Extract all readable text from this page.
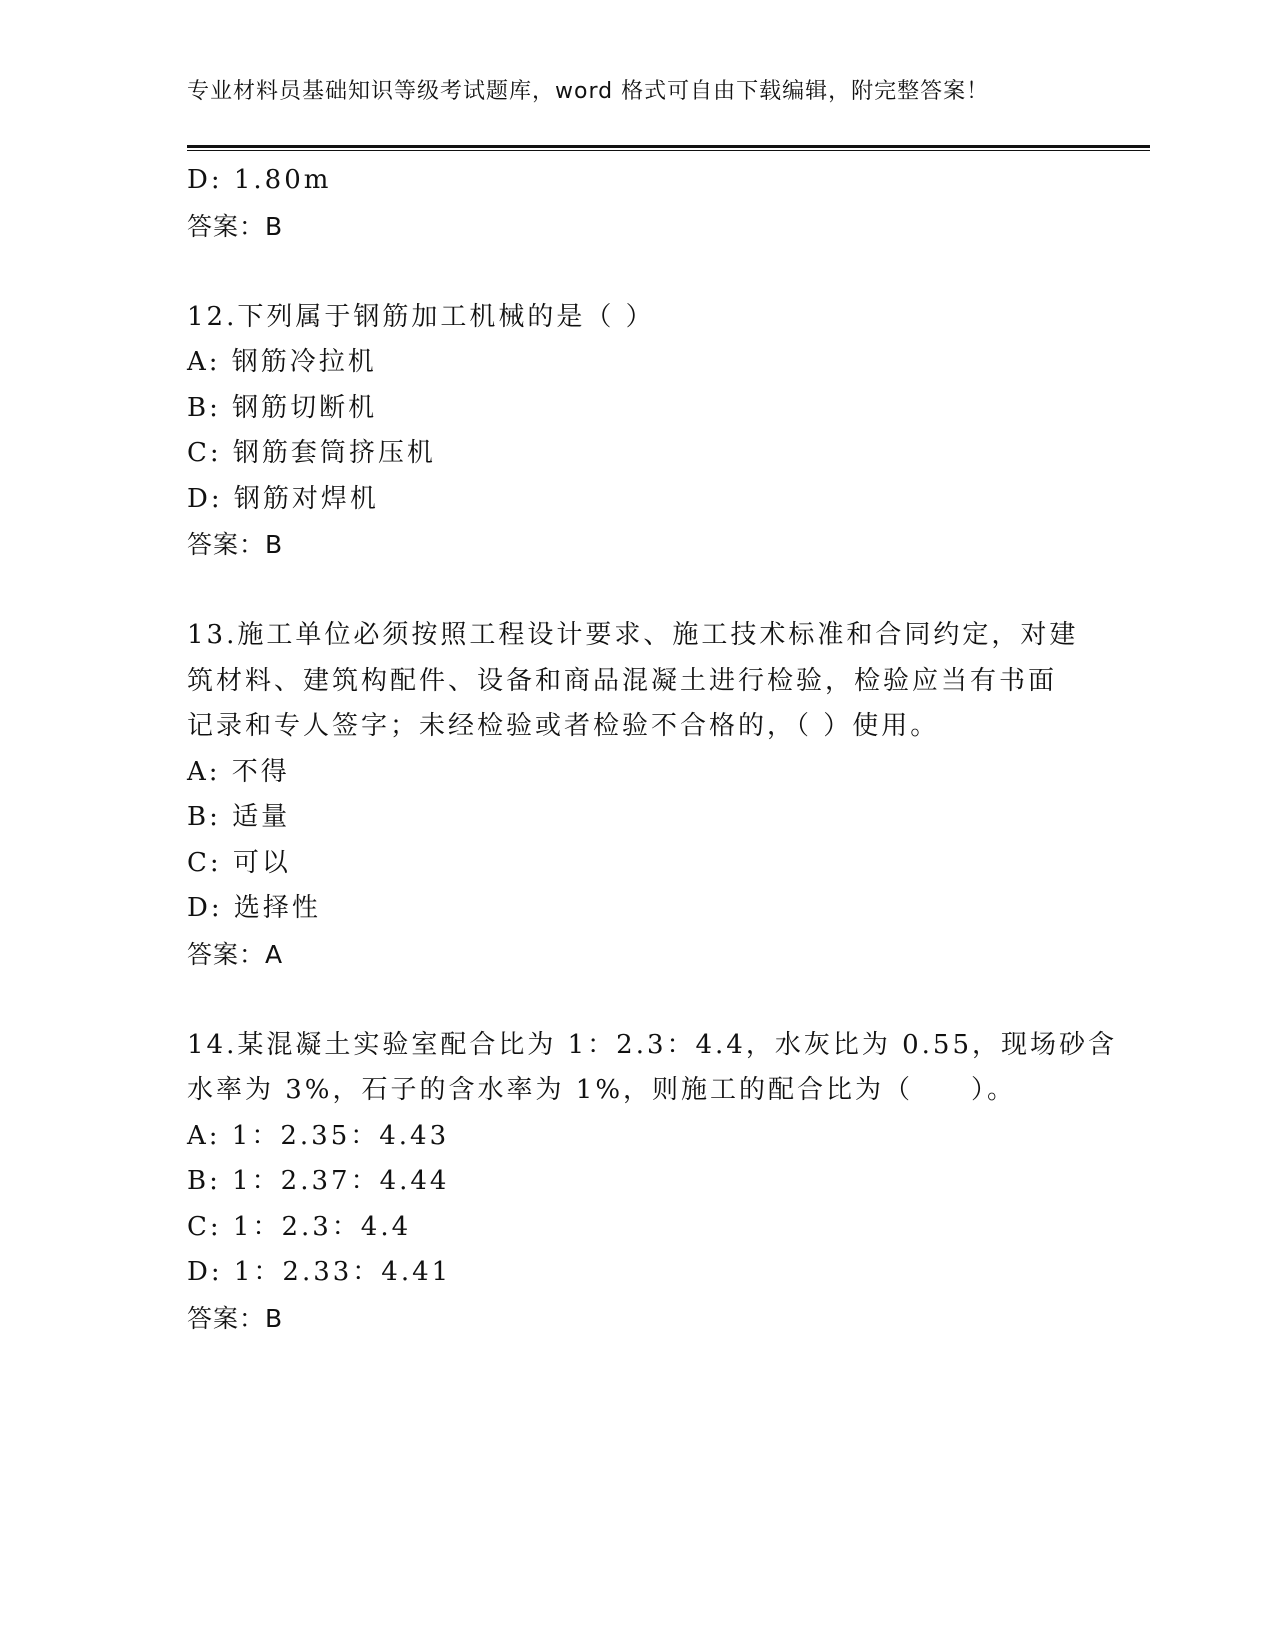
专业材料员基础知识等级考试题库，word 格式可自由下载编辑，附完整答案！
D: 1.80m
答案：B
12.下列属于钢筋加工机械的是（ ）
A: 钢筋冷拉机
B: 钢筋切断机
C: 钢筋套筒挤压机
D: 钢筋对焊机
答案：B
13.施工单位必须按照工程设计要求、施工技术标准和合同约定，对建
筑材料、建筑构配件、设备和商品混凝土进行检验，检验应当有书面
记录和专人签字；未经检验或者检验不合格的，（ ）使用。
A: 不得
B: 适量
C: 可以
D: 选择性
答案：A
14.某混凝土实验室配合比为 1：2.3：4.4，水灰比为 0.55，现场砂含
水率为 3%，石子的含水率为 1%，则施工的配合比为（　　）。
A: 1：2.35：4.43
B: 1：2.37：4.44
C: 1：2.3：4.4
D: 1：2.33：4.41
答案：B
